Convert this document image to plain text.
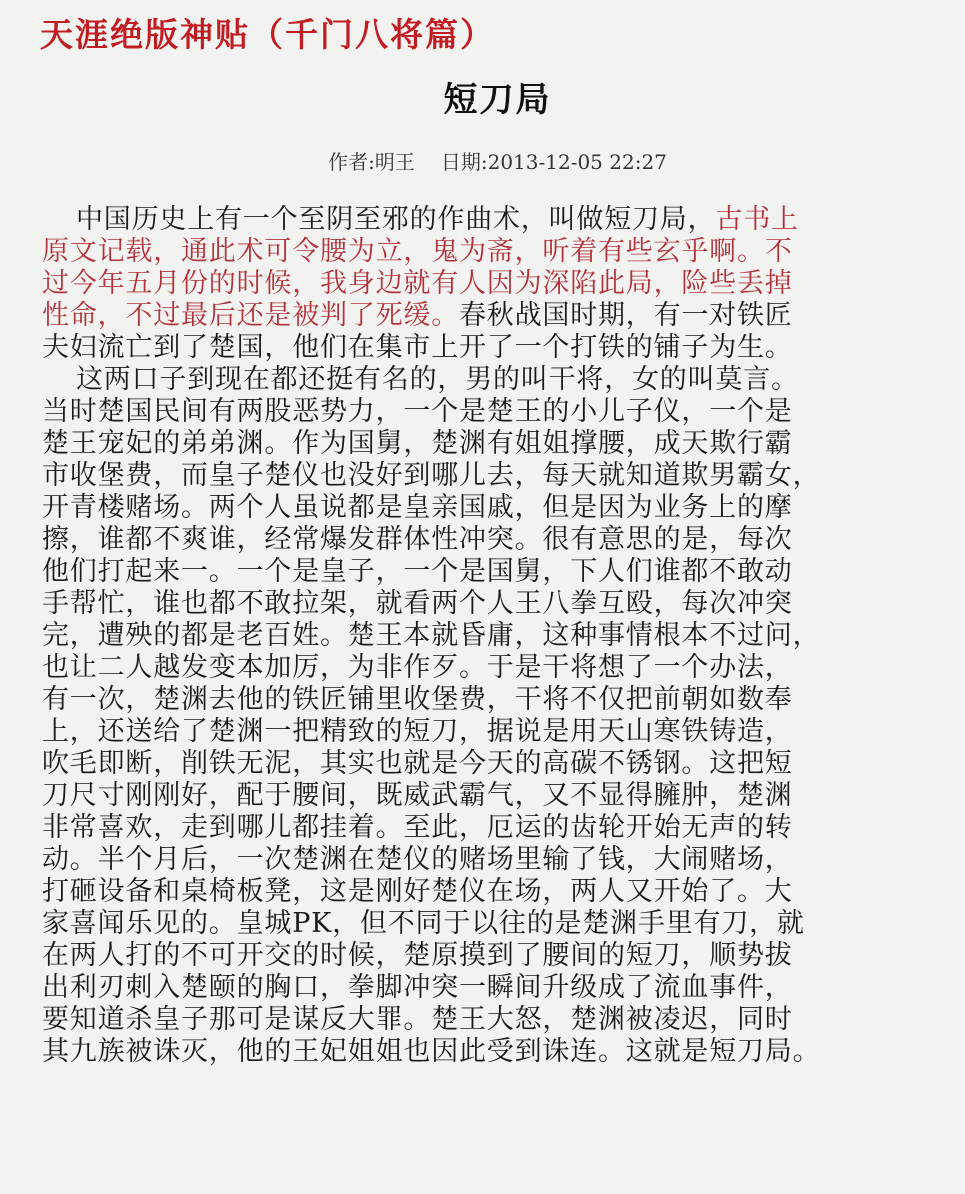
天涯绝版神贴（千门八将篇）
短刀局
作者:明王 日期:2013-12-05 22:27
中国历史上有一个至阴至邪的作曲术，叫做短刀局，古书上
原文记载，通此术可令腰为立，鬼为斋，听着有些玄乎啊。不
过今年五月份的时候，我身边就有人因为深陷此局，险些丢掉
性命，不过最后还是被判了死缓。春秋战国时期，有一对铁匠
夫妇流亡到了楚国，他们在集市上开了一个打铁的铺子为生。
这两口子到现在都还挺有名的，男的叫干将，女的叫莫言。
当时楚国民间有两股恶势力，一个是楚王的小儿子仪，一个是
楚王宠妃的弟弟渊。作为国舅，楚渊有姐姐撑腰，成天欺行霸
市收堡费，而皇子楚仪也没好到哪儿去，每天就知道欺男霸女，
开青楼赌场。两个人虽说都是皇亲国戚，但是因为业务上的摩
擦，谁都不爽谁，经常爆发群体性冲突。很有意思的是，每次
他们打起来一。一个是皇子，一个是国舅，下人们谁都不敢动
手帮忙，谁也都不敢拉架，就看两个人王八拳互殴，每次冲突
完，遭殃的都是老百姓。楚王本就昏庸，这种事情根本不过问，
也让二人越发变本加厉，为非作歹。于是干将想了一个办法，
有一次，楚渊去他的铁匠铺里收堡费，干将不仅把前朝如数奉
上，还送给了楚渊一把精致的短刀，据说是用天山寒铁铸造，
吹毛即断，削铁无泥，其实也就是今天的高碳不锈钢。这把短
刀尺寸刚刚好，配于腰间，既威武霸气，又不显得臃肿，楚渊
非常喜欢，走到哪儿都挂着。至此，厄运的齿轮开始无声的转
动。半个月后，一次楚渊在楚仪的赌场里输了钱，大闹赌场，
打砸设备和桌椅板凳，这是刚好楚仪在场，两人又开始了。大
家喜闻乐见的。皇城PK，但不同于以往的是楚渊手里有刀，就
在两人打的不可开交的时候，楚原摸到了腰间的短刀，顺势拔
出利刃刺入楚颐的胸口，拳脚冲突一瞬间升级成了流血事件，
要知道杀皇子那可是谋反大罪。楚王大怒，楚渊被凌迟，同时
其九族被诛灭，他的王妃姐姐也因此受到诛连。这就是短刀局。
